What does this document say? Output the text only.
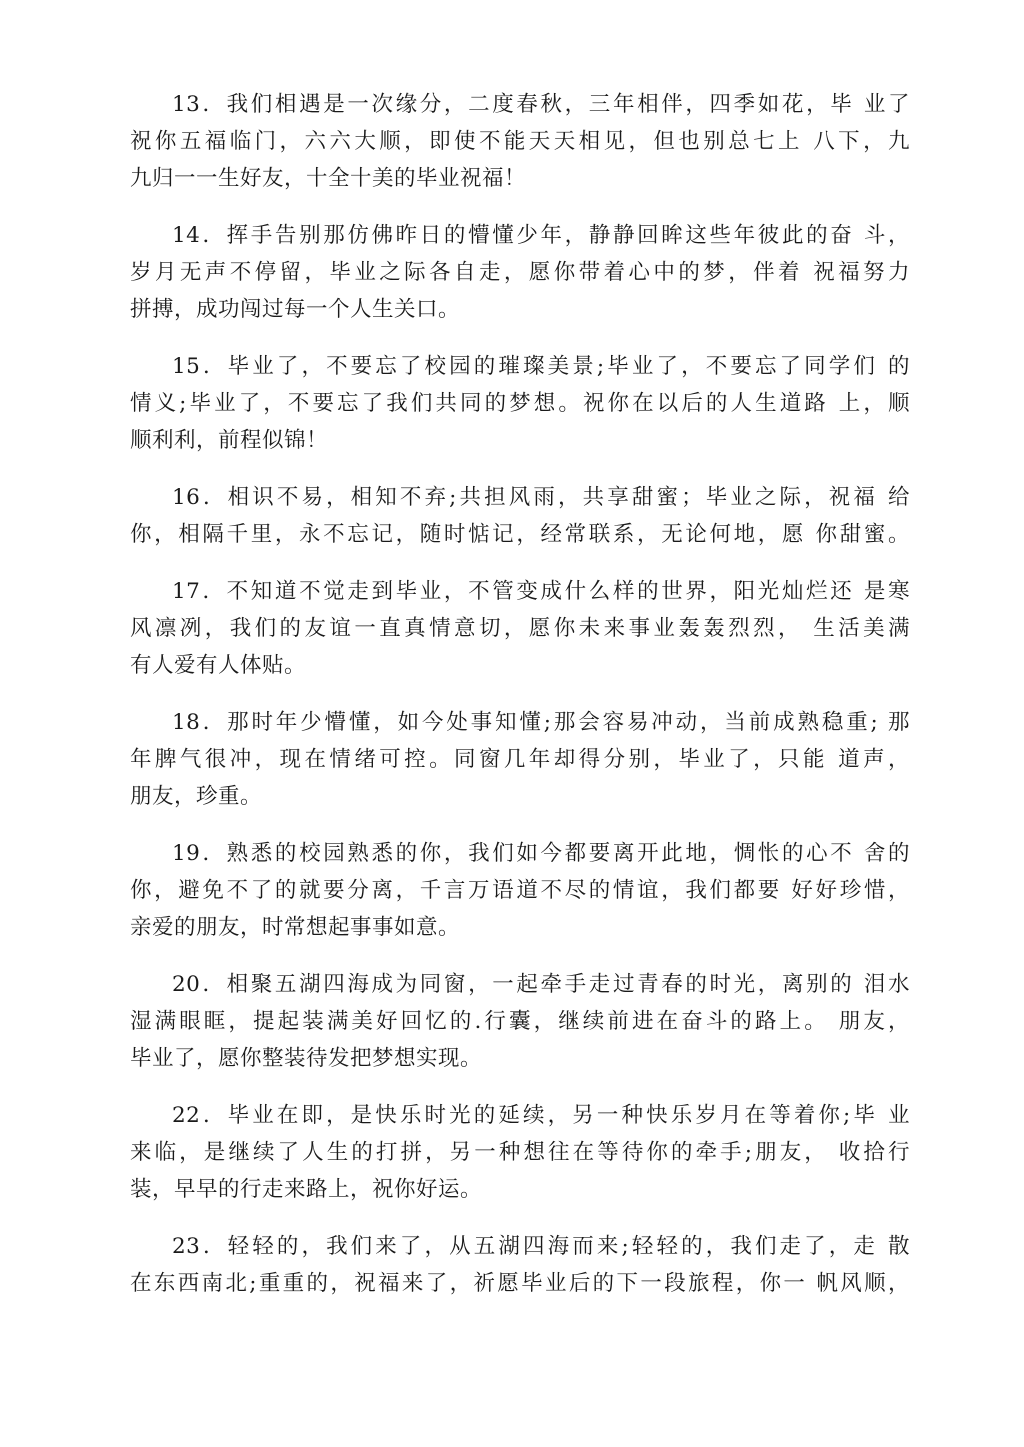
13．我们相遇是一次缘分，二度春秋，三年相伴，四季如花，毕 业了
祝你五福临门，六六大顺，即使不能天天相见，但也别总七上 八下，九
九归一一生好友，十全十美的毕业祝福！
14．挥手告别那仿佛昨日的懵懂少年，静静回眸这些年彼此的奋 斗，
岁月无声不停留，毕业之际各自走，愿你带着心中的梦，伴着 祝福努力
拼搏，成功闯过每一个人生关口。
15．毕业了，不要忘了校园的璀璨美景;毕业了，不要忘了同学们 的
情义;毕业了，不要忘了我们共同的梦想。祝你在以后的人生道路 上，顺
顺利利，前程似锦！
16．相识不易，相知不弃;共担风雨，共享甜蜜；毕业之际，祝福 给
你，相隔千里，永不忘记，随时惦记，经常联系，无论何地，愿 你甜蜜。
17．不知道不觉走到毕业，不管变成什么样的世界，阳光灿烂还 是寒
风凛冽，我们的友谊一直真情意切，愿你未来事业轰轰烈烈， 生活美满
有人爱有人体贴。
18．那时年少懵懂，如今处事知懂;那会容易冲动，当前成熟稳重; 那
年脾气很冲，现在情绪可控。同窗几年却得分别，毕业了，只能 道声，
朋友，珍重。
19．熟悉的校园熟悉的你，我们如今都要离开此地，惆怅的心不 舍的
你，避免不了的就要分离，千言万语道不尽的情谊，我们都要 好好珍惜，
亲爱的朋友，时常想起事事如意。
20．相聚五湖四海成为同窗，一起牵手走过青春的时光，离别的 泪水
湿满眼眶，提起装满美好回忆的.行囊，继续前进在奋斗的路上。 朋友，
毕业了，愿你整装待发把梦想实现。
22．毕业在即，是快乐时光的延续，另一种快乐岁月在等着你;毕 业
来临，是继续了人生的打拼，另一种想往在等待你的牵手;朋友， 收拾行
装，早早的行走来路上，祝你好运。
23．轻轻的，我们来了，从五湖四海而来;轻轻的，我们走了，走 散
在东西南北;重重的，祝福来了，祈愿毕业后的下一段旅程，你一 帆风顺，
